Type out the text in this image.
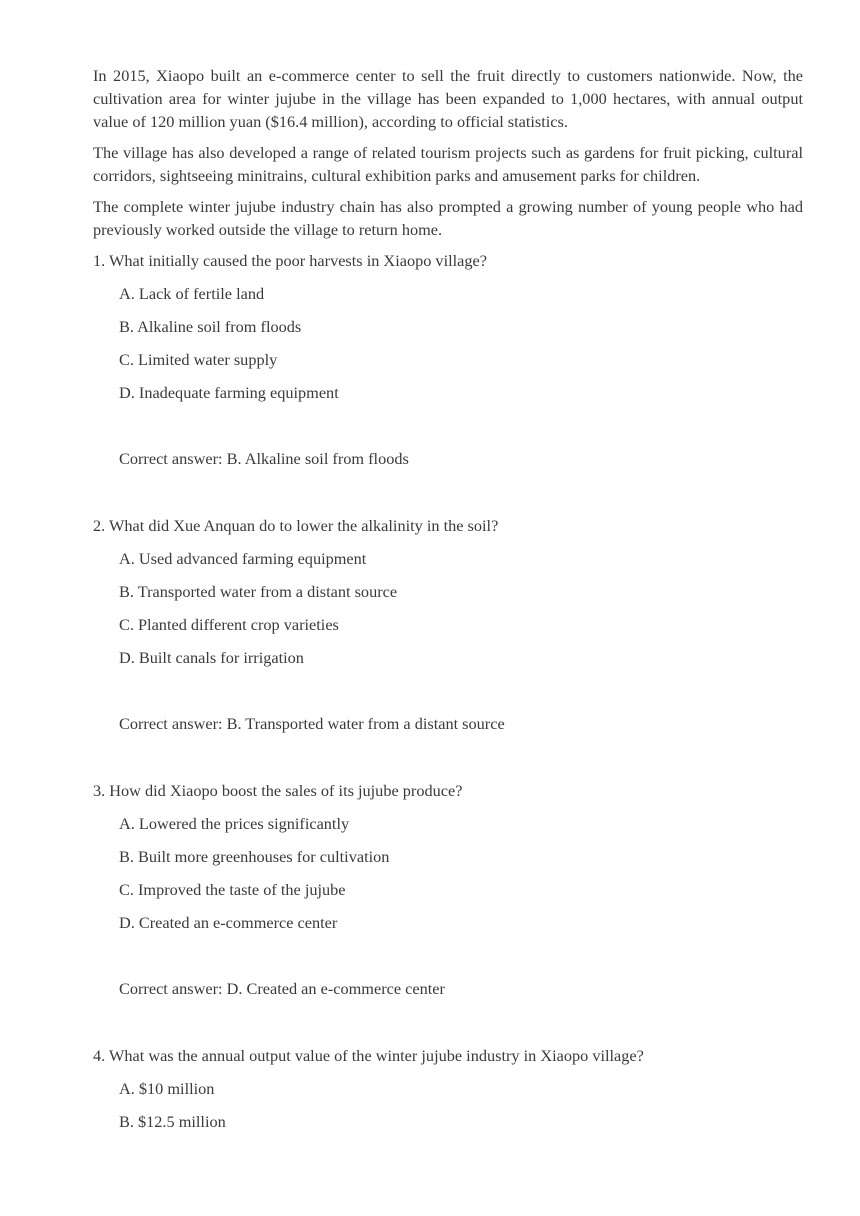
In 2015, Xiaopo built an e-commerce center to sell the fruit directly to customers nationwide. Now, the cultivation area for winter jujube in the village has been expanded to 1,000 hectares, with annual output value of 120 million yuan ($16.4 million), according to official statistics.

The village has also developed a range of related tourism projects such as gardens for fruit picking, cultural corridors, sightseeing minitrains, cultural exhibition parks and amusement parks for children.

The complete winter jujube industry chain has also prompted a growing number of young people who had previously worked outside the village to return home.

1. What initially caused the poor harvests in Xiaopo village?

A. Lack of fertile land
B. Alkaline soil from floods
C. Limited water supply
D. Inadequate farming equipment
Correct answer: B. Alkaline soil from floods

2. What did Xue Anquan do to lower the alkalinity in the soil?

A. Used advanced farming equipment
B. Transported water from a distant source
C. Planted different crop varieties
D. Built canals for irrigation
Correct answer: B. Transported water from a distant source

3. How did Xiaopo boost the sales of its jujube produce?

A. Lowered the prices significantly
B. Built more greenhouses for cultivation
C. Improved the taste of the jujube
D. Created an e-commerce center
Correct answer: D. Created an e-commerce center

4. What was the annual output value of the winter jujube industry in Xiaopo village?

A. $10 million
B. $12.5 million
